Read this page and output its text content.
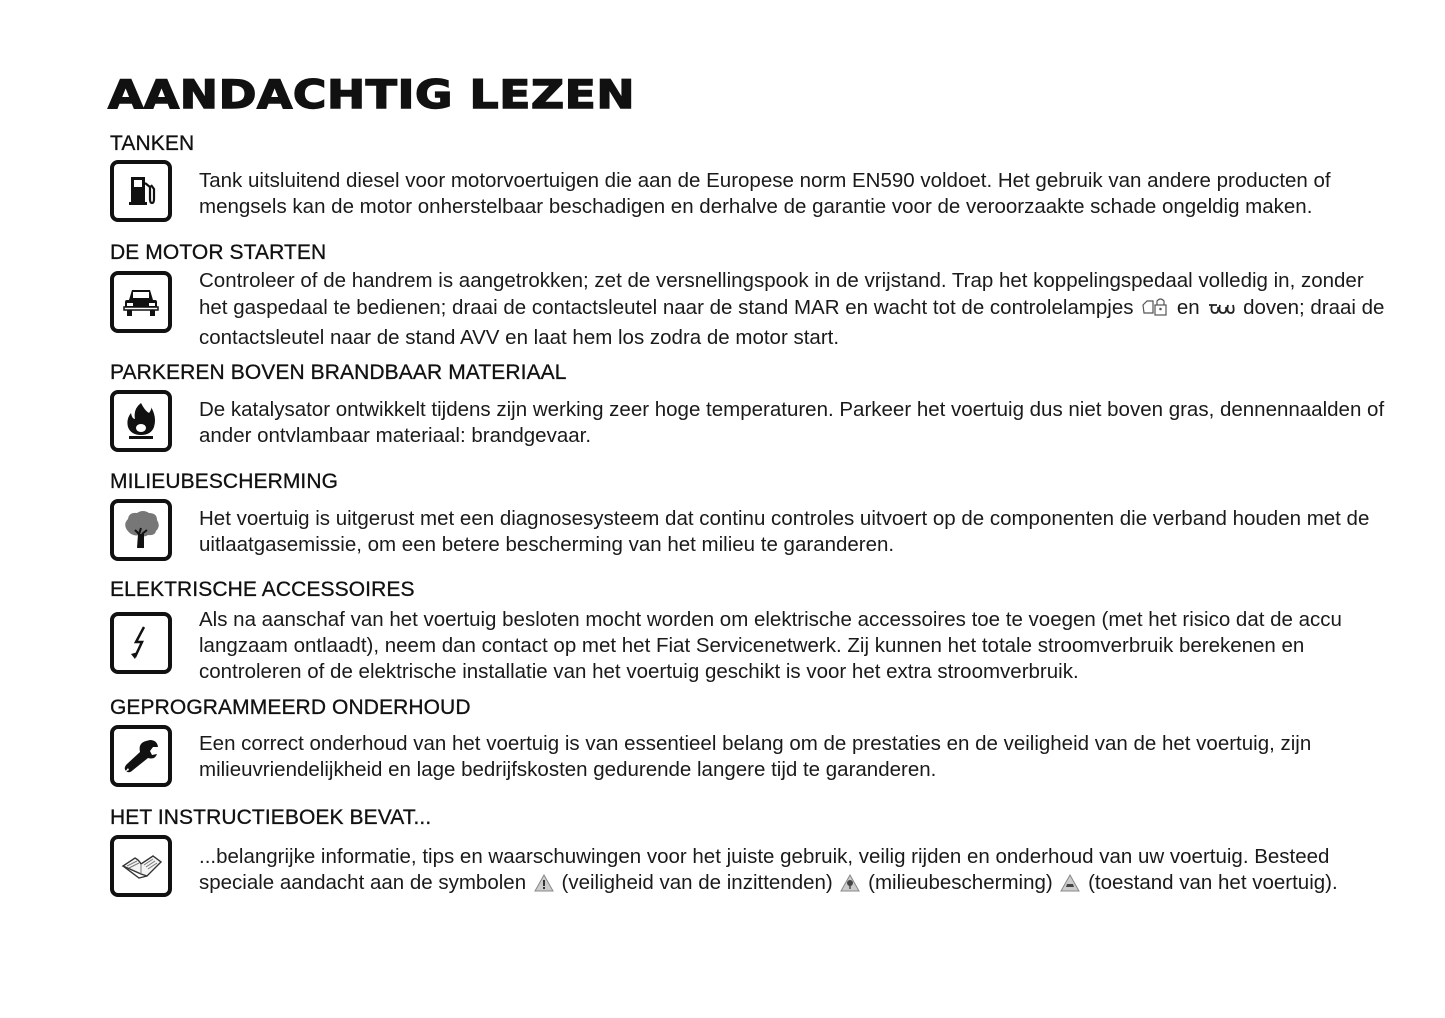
AANDACHTIG LEZEN
TANKEN
Tank uitsluitend diesel voor motorvoertuigen die aan de Europese norm EN590 voldoet. Het gebruik van andere producten of mengsels kan de motor onherstelbaar beschadigen en derhalve de garantie voor de veroorzaakte schade ongeldig maken.
DE MOTOR STARTEN
Controleer of de handrem is aangetrokken; zet de versnellingspook in de vrijstand. Trap het koppelingspedaal volledig in, zonder het gaspedaal te bedienen; draai de contactsleutel naar de stand MAR en wacht tot de controlelampjes en doven; draai de contactsleutel naar de stand AVV en laat hem los zodra de motor start.
PARKEREN BOVEN BRANDBAAR MATERIAAL
De katalysator ontwikkelt tijdens zijn werking zeer hoge temperaturen. Parkeer het voertuig dus niet boven gras, dennennaalden of ander ontvlambaar materiaal: brandgevaar.
MILIEUBESCHERMING
Het voertuig is uitgerust met een diagnosesysteem dat continu controles uitvoert op de componenten die verband houden met de uitlaatgasemissie, om een betere bescherming van het milieu te garanderen.
ELEKTRISCHE ACCESSOIRES
Als na aanschaf van het voertuig besloten mocht worden om elektrische accessoires toe te voegen (met het risico dat de accu langzaam ontlaadt), neem dan contact op met het Fiat Servicenetwerk. Zij kunnen het totale stroomverbruik berekenen en controleren of de elektrische installatie van het voertuig geschikt is voor het extra stroomverbruik.
GEPROGRAMMEERD ONDERHOUD
Een correct onderhoud van het voertuig is van essentieel belang om de prestaties en de veiligheid van de het voertuig, zijn milieuvriendelijkheid en lage bedrijfskosten gedurende langere tijd te garanderen.
HET INSTRUCTIEBOEK BEVAT...
...belangrijke informatie, tips en waarschuwingen voor het juiste gebruik, veilig rijden en onderhoud van uw voertuig. Besteed speciale aandacht aan de symbolen (veiligheid van de inzittenden) (milieubescherming) (toestand van het voertuig).
